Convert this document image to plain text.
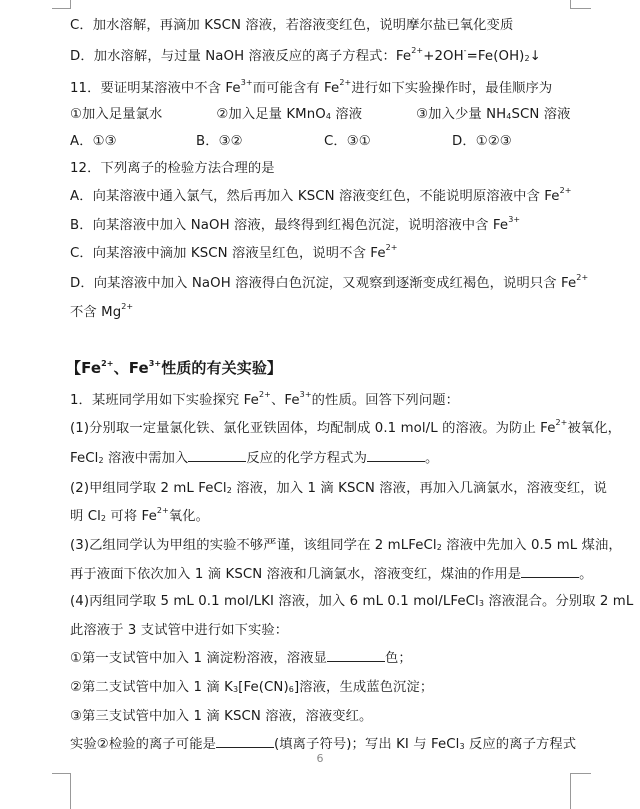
C．加水溶解，再滴加 KSCN 溶液，若溶液变红色，说明摩尔盐已氧化变质
D．加水溶解，与过量 NaOH 溶液反应的离子方程式：$Fe^{2+}+2OH^-=Fe(OH)_2↓$
11．要证明某溶液中不含 $Fe^{3+}$而可能含有 $Fe^{2+}$进行如下实验操作时，最佳顺序为
①加入足量氯水	②加入足量 KMnO$_4$ 溶液	③加入少量 $NH_4SCN$ 溶液
A．①③	B．③②	C．③①	D．①②③
12．下列离子的检验方法合理的是
A．向某溶液中通入氯气，然后再加入 KSCN 溶液变红色，不能说明原溶液中含 $Fe^{2+}$
B．向某溶液中加入 NaOH 溶液，最终得到红褐色沉淀，说明溶液中含 $Fe^{3+}$
C．向某溶液中滴加 KSCN 溶液呈红色，说明不含 $Fe^{2+}$
D．向某溶液中加入 NaOH 溶液得白色沉淀，又观察到逐渐变成红褐色，说明只含 $Fe^{2+}$
不含 $Mg^{2+}$
【$Fe^{2+}$、$Fe^{3+}$性质的有关实验】
1．某班同学用如下实验探究 $Fe^{2+}$、$Fe^{3+}$的性质。回答下列问题：
(1)分别取一定量氯化铁、氯化亚铁固体，均配制成 0.1 mol/L 的溶液。为防止 $Fe^{2+}$被氧化，
FeCl$_2$ 溶液中需加入	反应的化学方程式为	。
(2)甲组同学取 2 mL FeCl$_2$ 溶液，加入 1 滴 KSCN 溶液，再加入几滴氯水，溶液变红，说
明 $Cl_2$ 可将 $Fe^{2+}$氧化。
(3)乙组同学认为甲组的实验不够严谨，该组同学在 2 mLFeCl$_2$ 溶液中先加入 0.5 mL 煤油，
再于液面下依次加入 1 滴 KSCN 溶液和几滴氯水，溶液变红，煤油的作用是	。
(4)丙组同学取 5 mL 0.1 mol/LKI 溶液，加入 6 mL 0.1 mol/LFeCl$_3$ 溶液混合。分别取 2 mL
此溶液于 3 支试管中进行如下实验：
①第一支试管中加入 1 滴淀粉溶液，溶液显	色；
②第二支试管中加入 1 滴 $K_3[Fe(CN)_6]$溶液，生成蓝色沉淀；
③第三支试管中加入 1 滴 KSCN 溶液，溶液变红。
实验②检验的离子可能是	(填离子符号)；写出 KI 与 FeCl$_3$ 反应的离子方程式
6
